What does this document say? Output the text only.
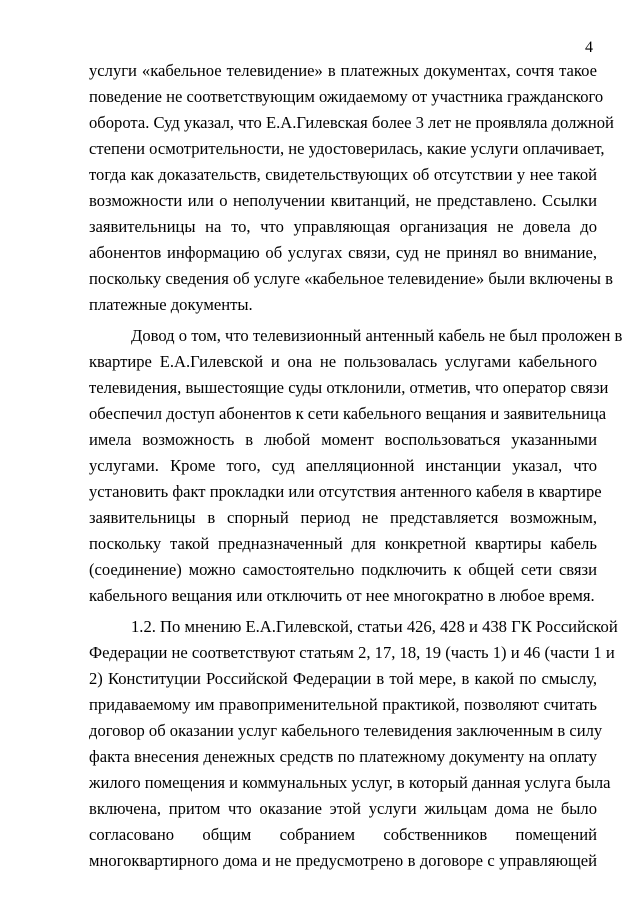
4
услуги «кабельное телевидение» в платежных документах, сочтя такое
поведение не соответствующим ожидаемому от участника гражданского
оборота. Суд указал, что Е.А.Гилевская более 3 лет не проявляла должной
степени осмотрительности, не удостоверилась, какие услуги оплачивает,
тогда как доказательств, свидетельствующих об отсутствии у нее такой
возможности или о неполучении квитанций, не представлено. Ссылки
заявительницы на то, что управляющая организация не довела до
абонентов информацию об услугах связи, суд не принял во внимание,
поскольку сведения об услуге «кабельное телевидение» были включены в
платежные документы.
Довод о том, что телевизионный антенный кабель не был проложен в
квартире Е.А.Гилевской и она не пользовалась услугами кабельного
телевидения, вышестоящие суды отклонили, отметив, что оператор связи
обеспечил доступ абонентов к сети кабельного вещания и заявительница
имела возможность в любой момент воспользоваться указанными
услугами. Кроме того, суд апелляционной инстанции указал, что
установить факт прокладки или отсутствия антенного кабеля в квартире
заявительницы в спорный период не представляется возможным,
поскольку такой предназначенный для конкретной квартиры кабель
(соединение) можно самостоятельно подключить к общей сети связи
кабельного вещания или отключить от нее многократно в любое время.
1.2. По мнению Е.А.Гилевской, статьи 426, 428 и 438 ГК Российской
Федерации не соответствуют статьям 2, 17, 18, 19 (часть 1) и 46 (части 1 и
2) Конституции Российской Федерации в той мере, в какой по смыслу,
придаваемому им правоприменительной практикой, позволяют считать
договор об оказании услуг кабельного телевидения заключенным в силу
факта внесения денежных средств по платежному документу на оплату
жилого помещения и коммунальных услуг, в который данная услуга была
включена, притом что оказание этой услуги жильцам дома не было
согласовано общим собранием собственников помещений
многоквартирного дома и не предусмотрено в договоре с управляющей
